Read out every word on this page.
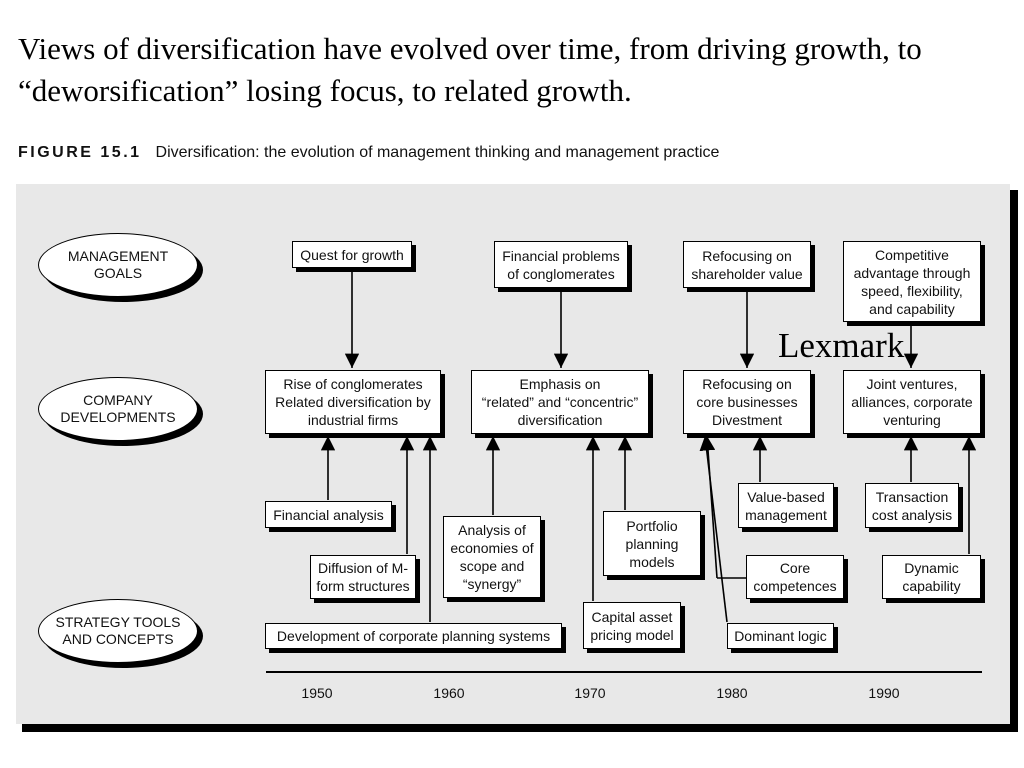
Views of diversification have evolved over time, from driving growth, to “deworsification” losing focus, to related growth.
FIGURE 15.1 Diversification: the evolution of management thinking and management practice
MANAGEMENT
GOALS
COMPANY
DEVELOPMENTS
STRATEGY TOOLS
AND CONCEPTS
Quest for growth	Financial problems
of conglomerates
Refocusing on
shareholder value
Competitive
advantage through
speed, flexibility,
and capability
Rise of conglomerates
Related diversification by
industrial firms
Emphasis on
“related” and “concentric”
diversification
Refocusing on
core businesses
Divestment
Joint ventures,
alliances, corporate
venturing
Financial analysis
Diffusion of M-
form structures
Development of corporate planning systems
Analysis of
economies of
scope and
“synergy”
Portfolio
planning
models
Capital asset
pricing model
Value-based
management
Core
competences
Dominant logic
Transaction
cost analysis
Dynamic
capability
1950	1960	1970	1980	1990
Lexmark
